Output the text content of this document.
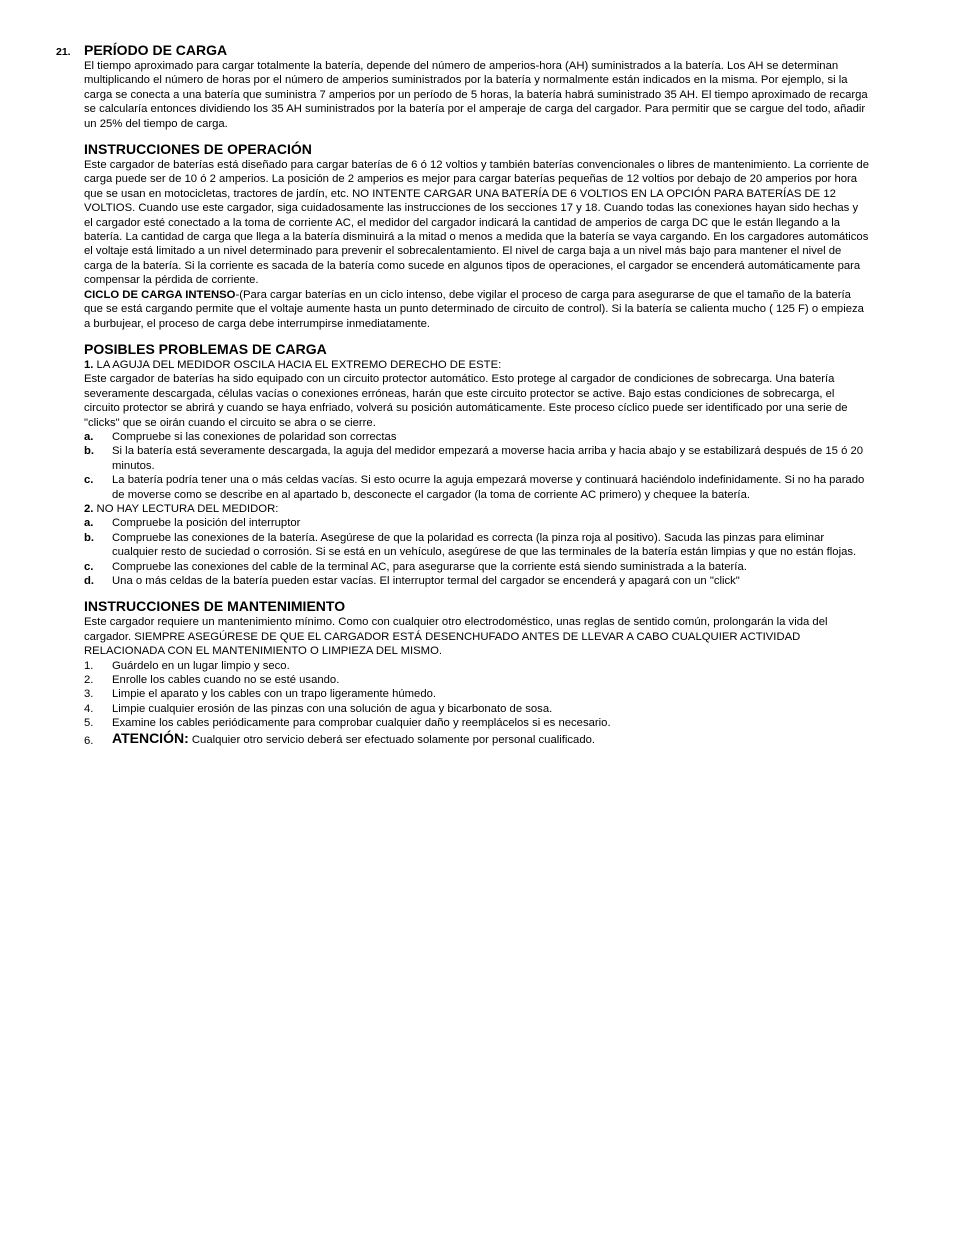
21. PERÍODO DE CARGA

El tiempo aproximado para cargar totalmente la batería, depende del número de amperios-hora (AH) suministrados a la batería. Los AH se determinan multiplicando el número de horas por el número de amperios suministrados por la batería y normalmente están indicados en la misma. Por ejemplo, si la carga se conecta a una batería que suministra 7 amperios por un período de 5 horas, la batería habrá suministrado 35 AH. El tiempo aproximado de recarga se calcularía entonces dividiendo los 35 AH suministrados por la batería por el amperaje de carga del cargador. Para permitir que se cargue del todo, añadir un 25% del tiempo de carga.

INSTRUCCIONES DE OPERACIÓN

Este cargador de baterías está diseñado para cargar baterías de 6 ó 12 voltios y también baterías convencionales o libres de mantenimiento. La corriente de carga puede ser de 10 ó 2 amperios. La posición de 2 amperios es mejor para cargar baterías pequeñas de 12 voltios por debajo de 20 amperios por hora que se usan en motocicletas, tractores de jardín, etc. NO INTENTE CARGAR UNA BATERÍA DE 6 VOLTIOS EN LA OPCIÓN PARA BATERÍAS DE 12 VOLTIOS. Cuando use este cargador, siga cuidadosamente las instrucciones de los secciones 17 y 18. Cuando todas las conexiones hayan sido hechas y el cargador esté conectado a la toma de corriente AC, el medidor del cargador indicará la cantidad de amperios de carga DC que le están llegando a la batería. La cantidad de carga que llega a la batería disminuirá a la mitad o menos a medida que la batería se vaya cargando. En los cargadores automáticos el voltaje está limitado a un nivel determinado para prevenir el sobrecalentamiento. El nivel de carga baja a un nivel más bajo para mantener el nivel de carga de la batería. Si la corriente es sacada de la batería como sucede en algunos tipos de operaciones, el cargador se encenderá automáticamente para compensar la pérdida de corriente.

CICLO DE CARGA INTENSO-(Para cargar baterías en un ciclo intenso, debe vigilar el proceso de carga para asegurarse de que el tamaño de la batería que se está cargando permite que el voltaje aumente hasta un punto determinado de circuito de control). Si la batería se calienta mucho ( 125 F) o empieza a burbujear, el proceso de carga debe interrumpirse inmediatamente.

POSIBLES PROBLEMAS DE CARGA

1. LA AGUJA DEL MEDIDOR OSCILA HACIA EL EXTREMO DERECHO DE ESTE:

Este cargador de baterías ha sido equipado con un circuito protector automático. Esto protege al cargador de condiciones de sobrecarga. Una batería severamente descargada, células vacías o conexiones erróneas, harán que este circuito protector se active. Bajo estas condiciones de sobrecarga, el circuito protector se abrirá y cuando se haya enfriado, volverá su posición automáticamente. Este proceso cíclico puede ser identificado por una serie de "clicks" que se oirán cuando el circuito se abra o se cierre.

a. Compruebe si las conexiones de polaridad son correctas
b. Si la batería está severamente descargada, la aguja del medidor empezará a moverse hacia arriba y hacia abajo y se estabilizará después de 15 ó 20 minutos.
c. La batería podría tener una o más celdas vacías. Si esto ocurre la aguja empezará moverse y continuará haciéndolo indefinidamente. Si no ha parado de moverse como se describe en al apartado b, desconecte el cargador (la toma de corriente AC primero) y chequee la batería.

2. NO HAY LECTURA DEL MEDIDOR:

a. Compruebe la posición del interruptor
b. Compruebe las conexiones de la batería. Asegúrese de que la polaridad es correcta (la pinza roja al positivo). Sacuda las pinzas para eliminar cualquier resto de suciedad o corrosión. Si se está en un vehículo, asegúrese de que las terminales de la batería están limpias y que no están flojas.
c. Compruebe las conexiones del cable de la terminal AC, para asegurarse que la corriente está siendo suministrada a la batería.
d. Una o más celdas de la batería pueden estar vacías. El interruptor termal del cargador se encenderá y apagará con un "click"
INSTRUCCIONES DE MANTENIMIENTO

Este cargador requiere un mantenimiento mínimo. Como con cualquier otro electrodoméstico, unas reglas de sentido común, prolongarán la vida del cargador. SIEMPRE ASEGÚRESE DE QUE EL CARGADOR ESTÁ DESENCHUFADO ANTES DE LLEVAR A CABO CUALQUIER ACTIVIDAD RELACIONADA CON EL MANTENIMIENTO O LIMPIEZA DEL MISMO.

1. Guárdelo en un lugar limpio y seco.
2. Enrolle los cables cuando no se esté usando.
3. Limpie el aparato y los cables con un trapo ligeramente húmedo.
4. Limpie cualquier erosión de las pinzas con una solución de agua y bicarbonato de sosa.
5. Examine los cables periódicamente para comprobar cualquier daño y reemplácelos si es necesario.
6. ATENCIÓN: Cualquier otro servicio deberá ser efectuado solamente por personal cualificado.
